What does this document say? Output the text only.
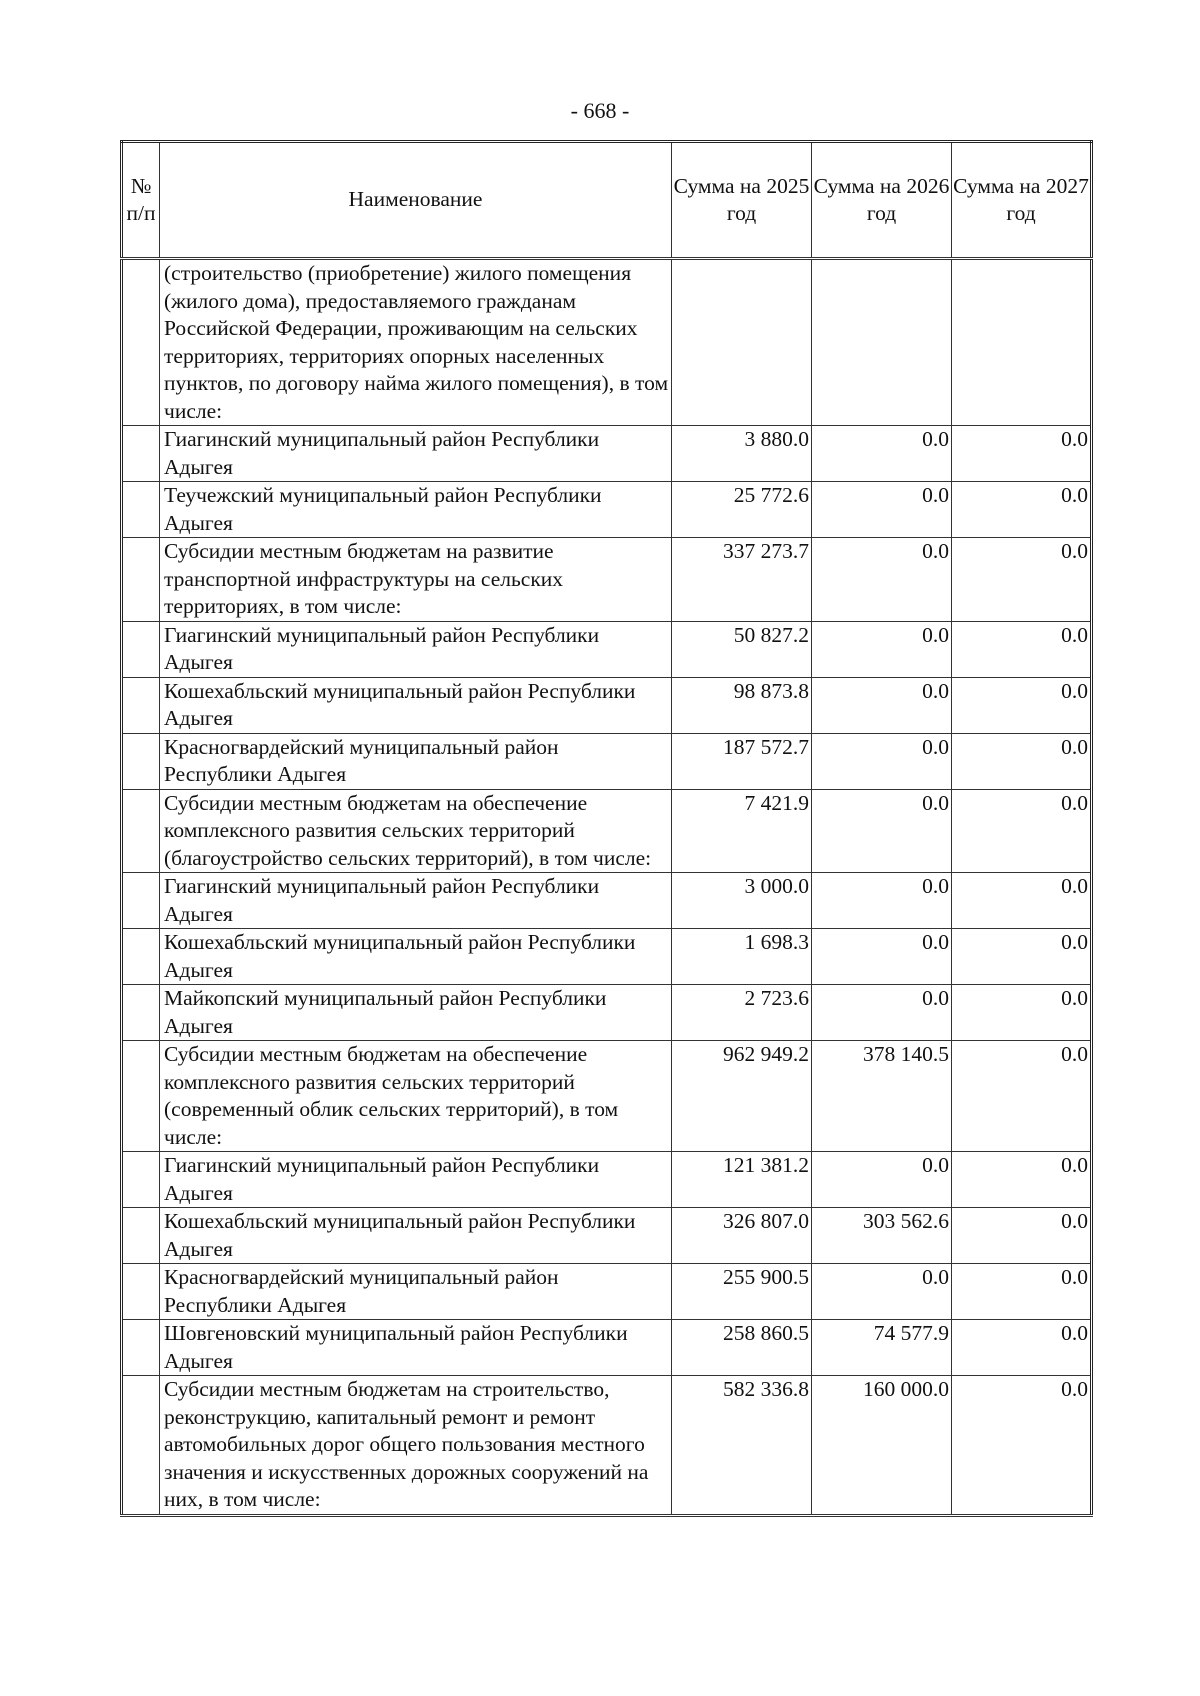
- 668 -
№ п/п	Наименование	Сумма на 2025 год	Сумма на 2026 год	Сумма на 2027 год
	(строительство (приобретение) жилого помещения (жилого дома), предоставляемого гражданам Российской Федерации, проживающим на сельских территориях, территориях опорных населенных пунктов, по договору найма жилого помещения), в том числе:			
	Гиагинский муниципальный район Республики Адыгея	3 880.0	0.0	0.0
	Теучежский муниципальный район Республики Адыгея	25 772.6	0.0	0.0
	Субсидии местным бюджетам на развитие транспортной инфраструктуры на сельских территориях, в том числе:	337 273.7	0.0	0.0
	Гиагинский муниципальный район Республики Адыгея	50 827.2	0.0	0.0
	Кошехабльский муниципальный район Республики Адыгея	98 873.8	0.0	0.0
	Красногвардейский муниципальный район Республики Адыгея	187 572.7	0.0	0.0
	Субсидии местным бюджетам на обеспечение комплексного развития сельских территорий (благоустройство сельских территорий), в том числе:	7 421.9	0.0	0.0
	Гиагинский муниципальный район Республики Адыгея	3 000.0	0.0	0.0
	Кошехабльский муниципальный район Республики Адыгея	1 698.3	0.0	0.0
	Майкопский муниципальный район Республики Адыгея	2 723.6	0.0	0.0
	Субсидии местным бюджетам на обеспечение комплексного развития сельских территорий (современный облик сельских территорий), в том числе:	962 949.2	378 140.5	0.0
	Гиагинский муниципальный район Республики Адыгея	121 381.2	0.0	0.0
	Кошехабльский муниципальный район Республики Адыгея	326 807.0	303 562.6	0.0
	Красногвардейский муниципальный район Республики Адыгея	255 900.5	0.0	0.0
	Шовгеновский муниципальный район Республики Адыгея	258 860.5	74 577.9	0.0
	Субсидии местным бюджетам на строительство, реконструкцию, капитальный ремонт и ремонт автомобильных дорог общего пользования местного значения и искусственных дорожных сооружений на них, в том числе:	582 336.8	160 000.0	0.0
